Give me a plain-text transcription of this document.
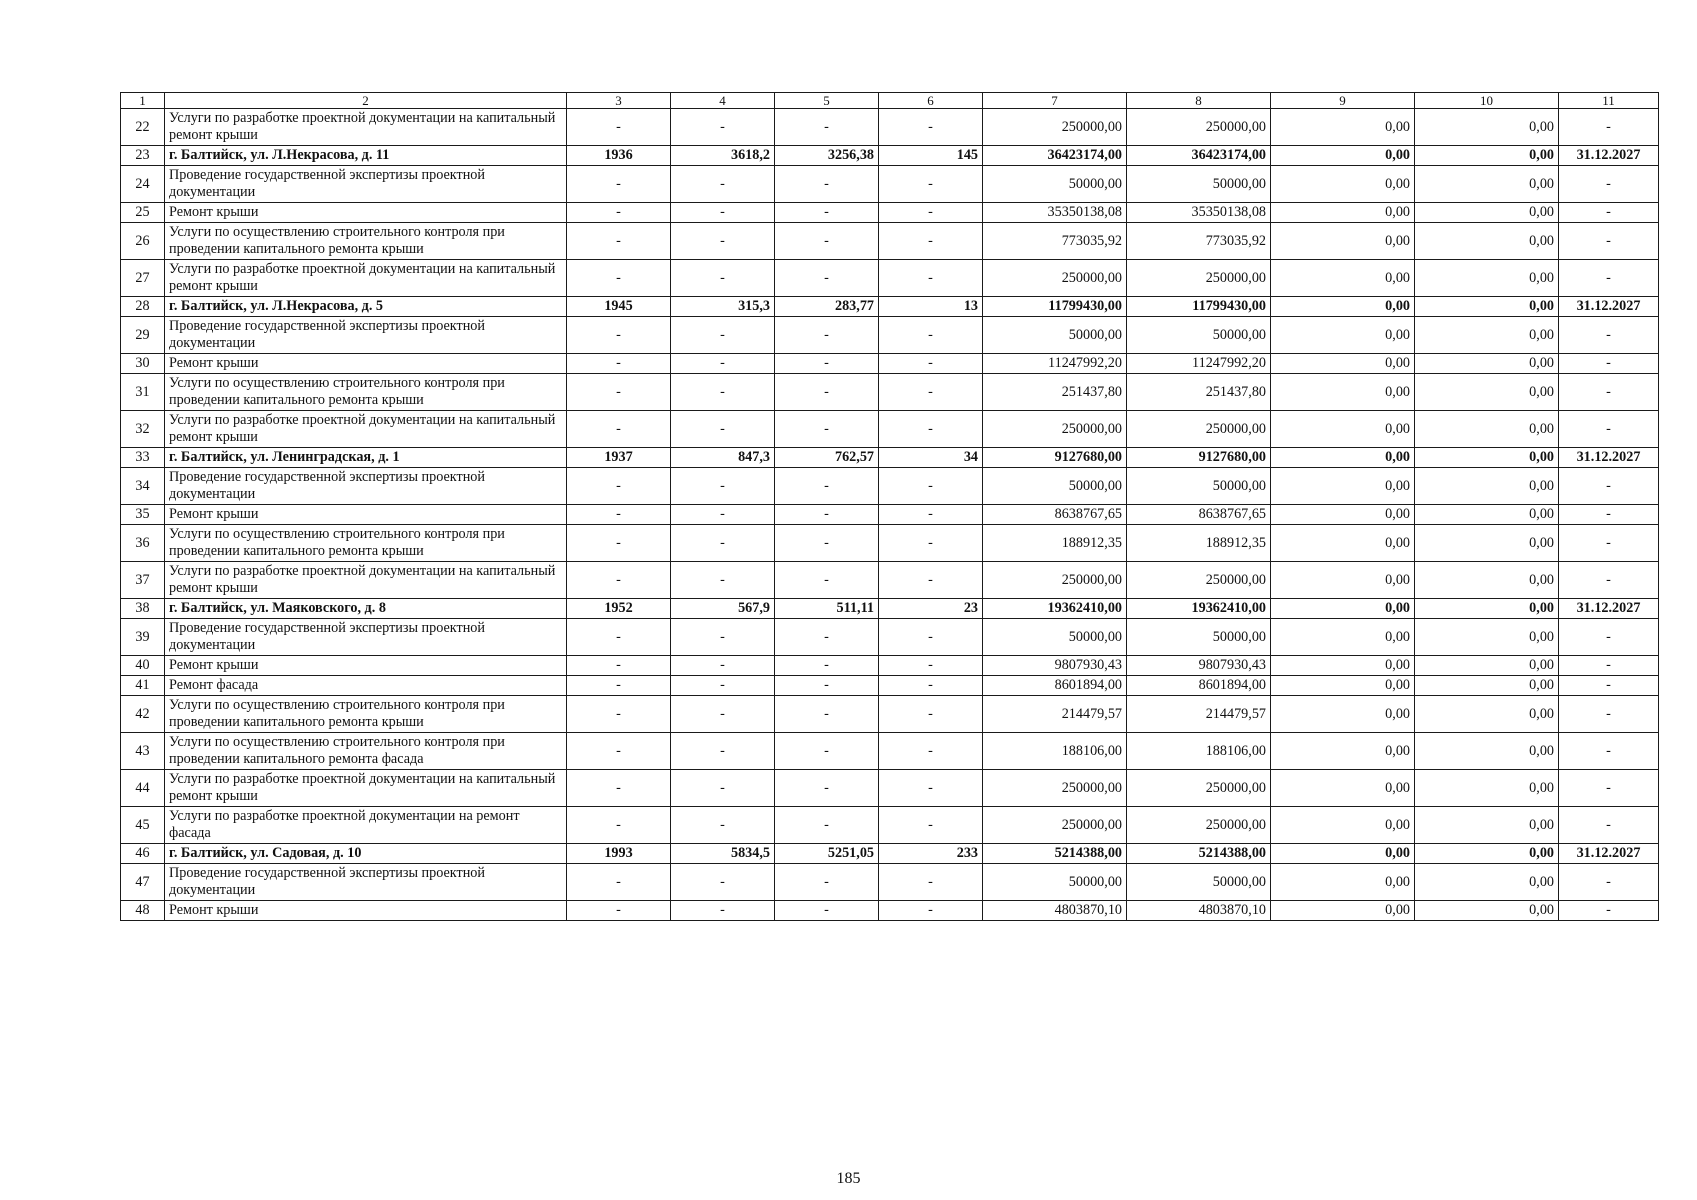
1	2	3	4	5	6	7	8	9	10	11
22	Услуги по разработке проектной документации на капитальный ремонт крыши	-	-	-	-	250000,00	250000,00	0,00	0,00	-
23	г. Балтийск, ул. Л.Некрасова, д. 11	1936	3618,2	3256,38	145	36423174,00	36423174,00	0,00	0,00	31.12.2027
24	Проведение государственной экспертизы проектной документации	-	-	-	-	50000,00	50000,00	0,00	0,00	-
25	Ремонт крыши	-	-	-	-	35350138,08	35350138,08	0,00	0,00	-
26	Услуги по осуществлению строительного контроля при проведении капитального ремонта крыши	-	-	-	-	773035,92	773035,92	0,00	0,00	-
27	Услуги по разработке проектной документации на капитальный ремонт крыши	-	-	-	-	250000,00	250000,00	0,00	0,00	-
28	г. Балтийск, ул. Л.Некрасова, д. 5	1945	315,3	283,77	13	11799430,00	11799430,00	0,00	0,00	31.12.2027
29	Проведение государственной экспертизы проектной документации	-	-	-	-	50000,00	50000,00	0,00	0,00	-
30	Ремонт крыши	-	-	-	-	11247992,20	11247992,20	0,00	0,00	-
31	Услуги по осуществлению строительного контроля при проведении капитального ремонта крыши	-	-	-	-	251437,80	251437,80	0,00	0,00	-
32	Услуги по разработке проектной документации на капитальный ремонт крыши	-	-	-	-	250000,00	250000,00	0,00	0,00	-
33	г. Балтийск, ул. Ленинградская, д. 1	1937	847,3	762,57	34	9127680,00	9127680,00	0,00	0,00	31.12.2027
34	Проведение государственной экспертизы проектной документации	-	-	-	-	50000,00	50000,00	0,00	0,00	-
35	Ремонт крыши	-	-	-	-	8638767,65	8638767,65	0,00	0,00	-
36	Услуги по осуществлению строительного контроля при проведении капитального ремонта крыши	-	-	-	-	188912,35	188912,35	0,00	0,00	-
37	Услуги по разработке проектной документации на капитальный ремонт крыши	-	-	-	-	250000,00	250000,00	0,00	0,00	-
38	г. Балтийск, ул. Маяковского, д. 8	1952	567,9	511,11	23	19362410,00	19362410,00	0,00	0,00	31.12.2027
39	Проведение государственной экспертизы проектной документации	-	-	-	-	50000,00	50000,00	0,00	0,00	-
40	Ремонт крыши	-	-	-	-	9807930,43	9807930,43	0,00	0,00	-
41	Ремонт фасада	-	-	-	-	8601894,00	8601894,00	0,00	0,00	-
42	Услуги по осуществлению строительного контроля при проведении капитального ремонта крыши	-	-	-	-	214479,57	214479,57	0,00	0,00	-
43	Услуги по осуществлению строительного контроля при проведении капитального ремонта фасада	-	-	-	-	188106,00	188106,00	0,00	0,00	-
44	Услуги по разработке проектной документации на капитальный ремонт крыши	-	-	-	-	250000,00	250000,00	0,00	0,00	-
45	Услуги по разработке проектной документации на ремонт фасада	-	-	-	-	250000,00	250000,00	0,00	0,00	-
46	г. Балтийск, ул. Садовая, д. 10	1993	5834,5	5251,05	233	5214388,00	5214388,00	0,00	0,00	31.12.2027
47	Проведение государственной экспертизы проектной документации	-	-	-	-	50000,00	50000,00	0,00	0,00	-
48	Ремонт крыши	-	-	-	-	4803870,10	4803870,10	0,00	0,00	-
185
